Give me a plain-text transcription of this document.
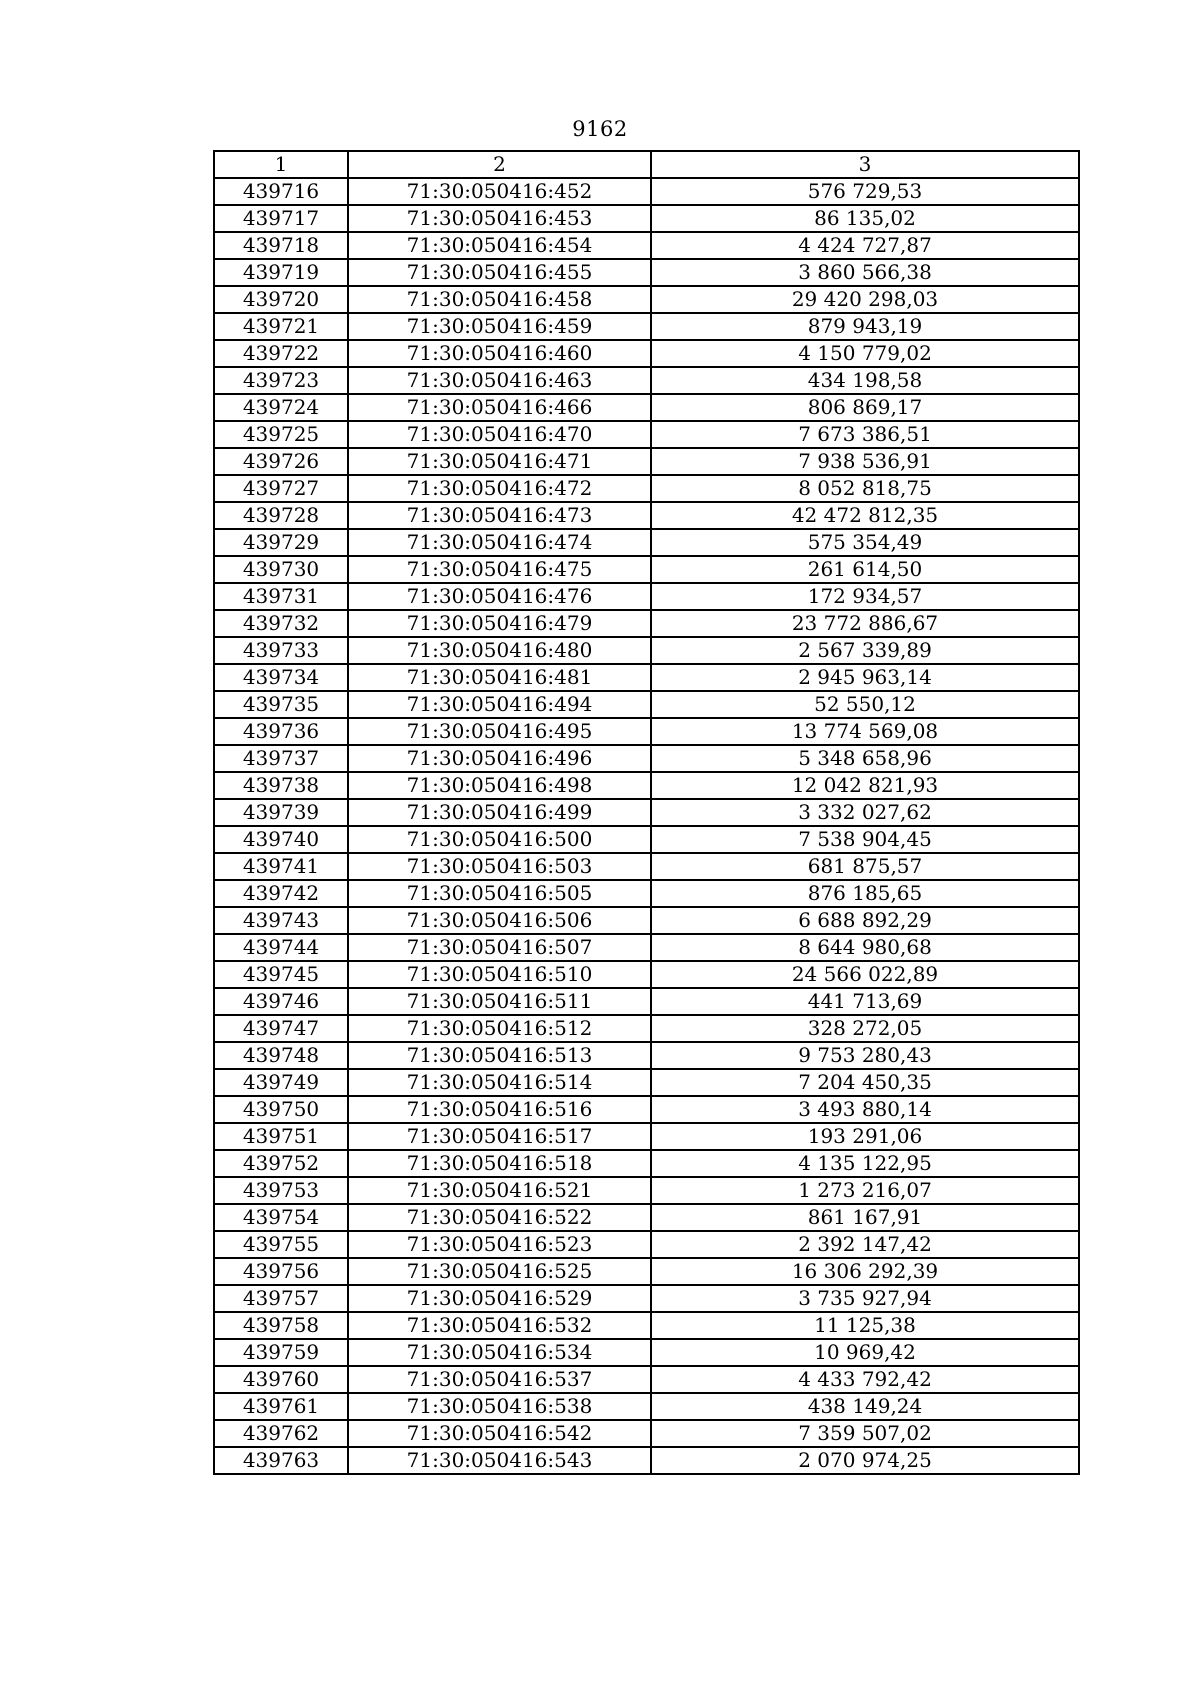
9162
1	2	3
439716	71:30:050416:452	576 729,53
439717	71:30:050416:453	86 135,02
439718	71:30:050416:454	4 424 727,87
439719	71:30:050416:455	3 860 566,38
439720	71:30:050416:458	29 420 298,03
439721	71:30:050416:459	879 943,19
439722	71:30:050416:460	4 150 779,02
439723	71:30:050416:463	434 198,58
439724	71:30:050416:466	806 869,17
439725	71:30:050416:470	7 673 386,51
439726	71:30:050416:471	7 938 536,91
439727	71:30:050416:472	8 052 818,75
439728	71:30:050416:473	42 472 812,35
439729	71:30:050416:474	575 354,49
439730	71:30:050416:475	261 614,50
439731	71:30:050416:476	172 934,57
439732	71:30:050416:479	23 772 886,67
439733	71:30:050416:480	2 567 339,89
439734	71:30:050416:481	2 945 963,14
439735	71:30:050416:494	52 550,12
439736	71:30:050416:495	13 774 569,08
439737	71:30:050416:496	5 348 658,96
439738	71:30:050416:498	12 042 821,93
439739	71:30:050416:499	3 332 027,62
439740	71:30:050416:500	7 538 904,45
439741	71:30:050416:503	681 875,57
439742	71:30:050416:505	876 185,65
439743	71:30:050416:506	6 688 892,29
439744	71:30:050416:507	8 644 980,68
439745	71:30:050416:510	24 566 022,89
439746	71:30:050416:511	441 713,69
439747	71:30:050416:512	328 272,05
439748	71:30:050416:513	9 753 280,43
439749	71:30:050416:514	7 204 450,35
439750	71:30:050416:516	3 493 880,14
439751	71:30:050416:517	193 291,06
439752	71:30:050416:518	4 135 122,95
439753	71:30:050416:521	1 273 216,07
439754	71:30:050416:522	861 167,91
439755	71:30:050416:523	2 392 147,42
439756	71:30:050416:525	16 306 292,39
439757	71:30:050416:529	3 735 927,94
439758	71:30:050416:532	11 125,38
439759	71:30:050416:534	10 969,42
439760	71:30:050416:537	4 433 792,42
439761	71:30:050416:538	438 149,24
439762	71:30:050416:542	7 359 507,02
439763	71:30:050416:543	2 070 974,25
